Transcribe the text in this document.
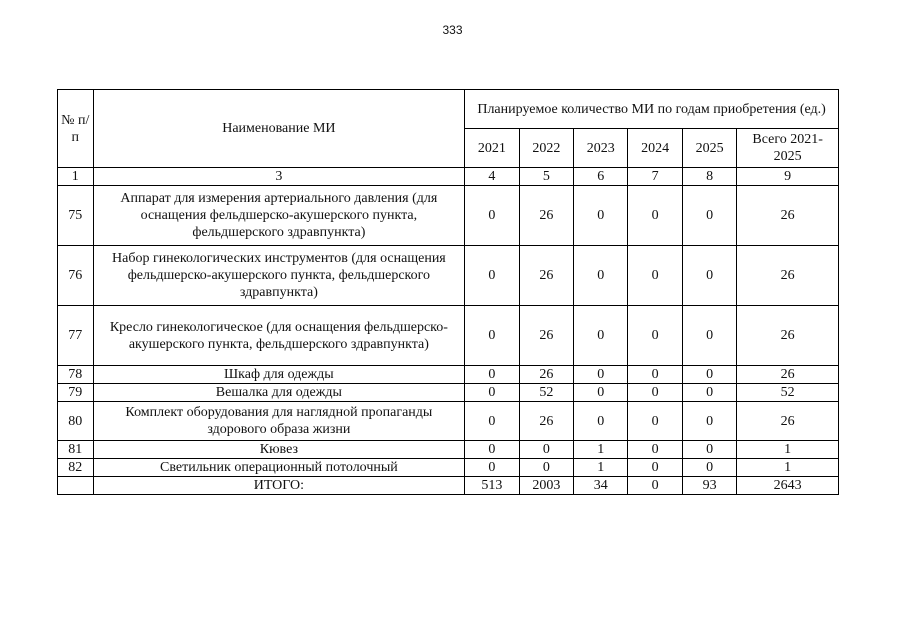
333
№ п/п	Наименование МИ	Планируемое количество МИ по годам приобретения (ед.)					
		2021	2022	2023	2024	2025	Всего 2021-2025
1	3	4	5	6	7	8	9
75	Аппарат для измерения артериального давления (для оснащения фельдшерско-акушерского пункта, фельдшерского здравпункта)	0	26	0	0	0	26
76	Набор гинекологических инструментов (для оснащения фельдшерско-акушерского пункта, фельдшерского здравпункта)	0	26	0	0	0	26
77	Кресло гинекологическое (для оснащения фельдшерско-акушерского пункта, фельдшерского здравпункта)	0	26	0	0	0	26
78	Шкаф для одежды	0	26	0	0	0	26
79	Вешалка для одежды	0	52	0	0	0	52
80	Комплект оборудования для наглядной пропаганды здорового образа жизни	0	26	0	0	0	26
81	Кювез	0	0	1	0	0	1
82	Светильник операционный потолочный	0	0	1	0	0	1
	ИТОГО:	513	2003	34	0	93	2643
